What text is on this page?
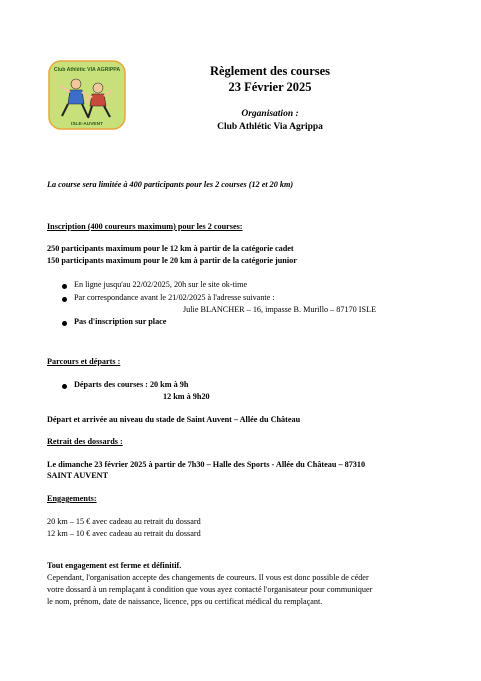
Club Athlétic VIA AGRIPPA
ISLE-AUVENT
Règlement des courses
23 Février 2025
Organisation :
Club Athlétic Via Agrippa
La course sera limitée à 400 participants pour les 2 courses (12 et 20 km)
Inscription (400 coureurs maximum) pour les 2 courses:
250 participants maximum pour le 12 km à partir de la catégorie cadet
150 participants maximum pour le 20 km à partir de la catégorie junior
En ligne jusqu'au 22/02/2025, 20h sur le site ok-time
Par correspondance avant le 21/02/2025 à l'adresse suivante :
Julie BLANCHER – 16, impasse B. Murillo – 87170 ISLE
Pas d'inscription sur place
Parcours et départs :
Départs des courses : 20 km à 9h
12 km à 9h20
Départ et arrivée au niveau du stade de Saint Auvent – Allée du Château
Retrait des dossards :
Le dimanche 23 février 2025 à partir de 7h30 – Halle des Sports - Allée du Château – 87310
SAINT AUVENT
Engagements:
20 km – 15 € avec cadeau au retrait du dossard
12 km – 10 € avec cadeau au retrait du dossard
Tout engagement est ferme et définitif.
Cependant, l'organisation accepte des changements de coureurs. Il vous est donc possible de céder
votre dossard à un remplaçant à condition que vous ayez contacté l'organisateur pour communiquer
le nom, prénom, date de naissance, licence, pps ou certificat médical du remplaçant.
